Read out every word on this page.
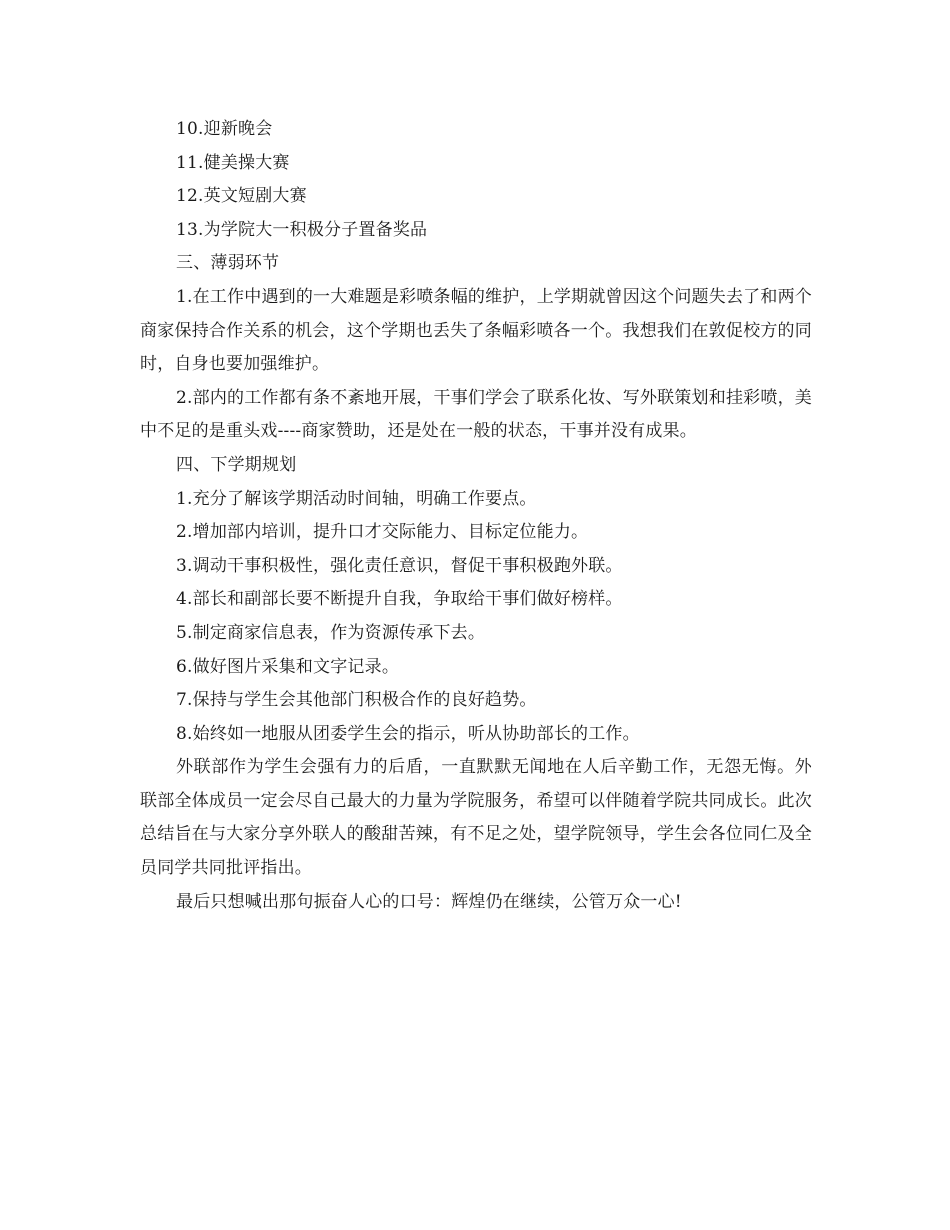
10.迎新晚会

11.健美操大赛

12.英文短剧大赛

13.为学院大一积极分子置备奖品

三、薄弱环节

1.在工作中遇到的一大难题是彩喷条幅的维护，上学期就曾因这个问题失去了和两个商家保持合作关系的机会，这个学期也丢失了条幅彩喷各一个。我想我们在敦促校方的同时，自身也要加强维护。

2.部内的工作都有条不紊地开展，干事们学会了联系化妆、写外联策划和挂彩喷，美中不足的是重头戏----商家赞助，还是处在一般的状态，干事并没有成果。

四、下学期规划

1.充分了解该学期活动时间轴，明确工作要点。

2.增加部内培训，提升口才交际能力、目标定位能力。

3.调动干事积极性，强化责任意识，督促干事积极跑外联。

4.部长和副部长要不断提升自我，争取给干事们做好榜样。

5.制定商家信息表，作为资源传承下去。

6.做好图片采集和文字记录。

7.保持与学生会其他部门积极合作的良好趋势。

8.始终如一地服从团委学生会的指示，听从协助部长的工作。

外联部作为学生会强有力的后盾，一直默默无闻地在人后辛勤工作，无怨无悔。外联部全体成员一定会尽自己最大的力量为学院服务，希望可以伴随着学院共同成长。此次总结旨在与大家分享外联人的酸甜苦辣，有不足之处，望学院领导，学生会各位同仁及全员同学共同批评指出。

最后只想喊出那句振奋人心的口号：辉煌仍在继续，公管万众一心!
